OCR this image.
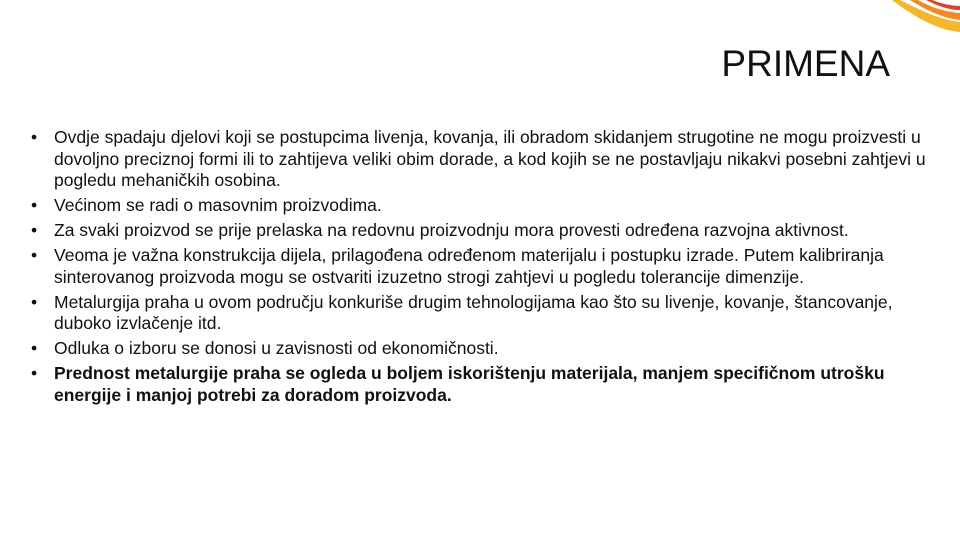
PRIMENA
• Ovdje spadaju djelovi koji se postupcima livenja, kovanja, ili obradom skidanjem strugotine ne mogu proizvesti u dovoljno preciznoj formi ili to zahtijeva veliki obim dorade, a kod kojih se ne postavljaju nikakvi posebni zahtjevi u pogledu mehaničkih osobina.
• Većinom se radi o masovnim proizvodima.
• Za svaki proizvod se prije prelaska na redovnu proizvodnju mora provesti određena razvojna aktivnost.
• Veoma je važna konstrukcija dijela, prilagođena određenom materijalu i postupku izrade. Putem kalibriranja sinterovanog proizvoda mogu se ostvariti izuzetno strogi zahtjevi u pogledu tolerancije dimenzije.
• Metalurgija praha u ovom području konkuriše drugim tehnologijama kao što su livenje, kovanje, štancovanje, duboko izvlačenje itd.
• Odluka o izboru se donosi u zavisnosti od ekonomičnosti.
• Prednost metalurgije praha se ogleda u boljem iskorištenju materijala, manjem specifičnom utrošku energije i manjoj potrebi za doradom proizvoda.
